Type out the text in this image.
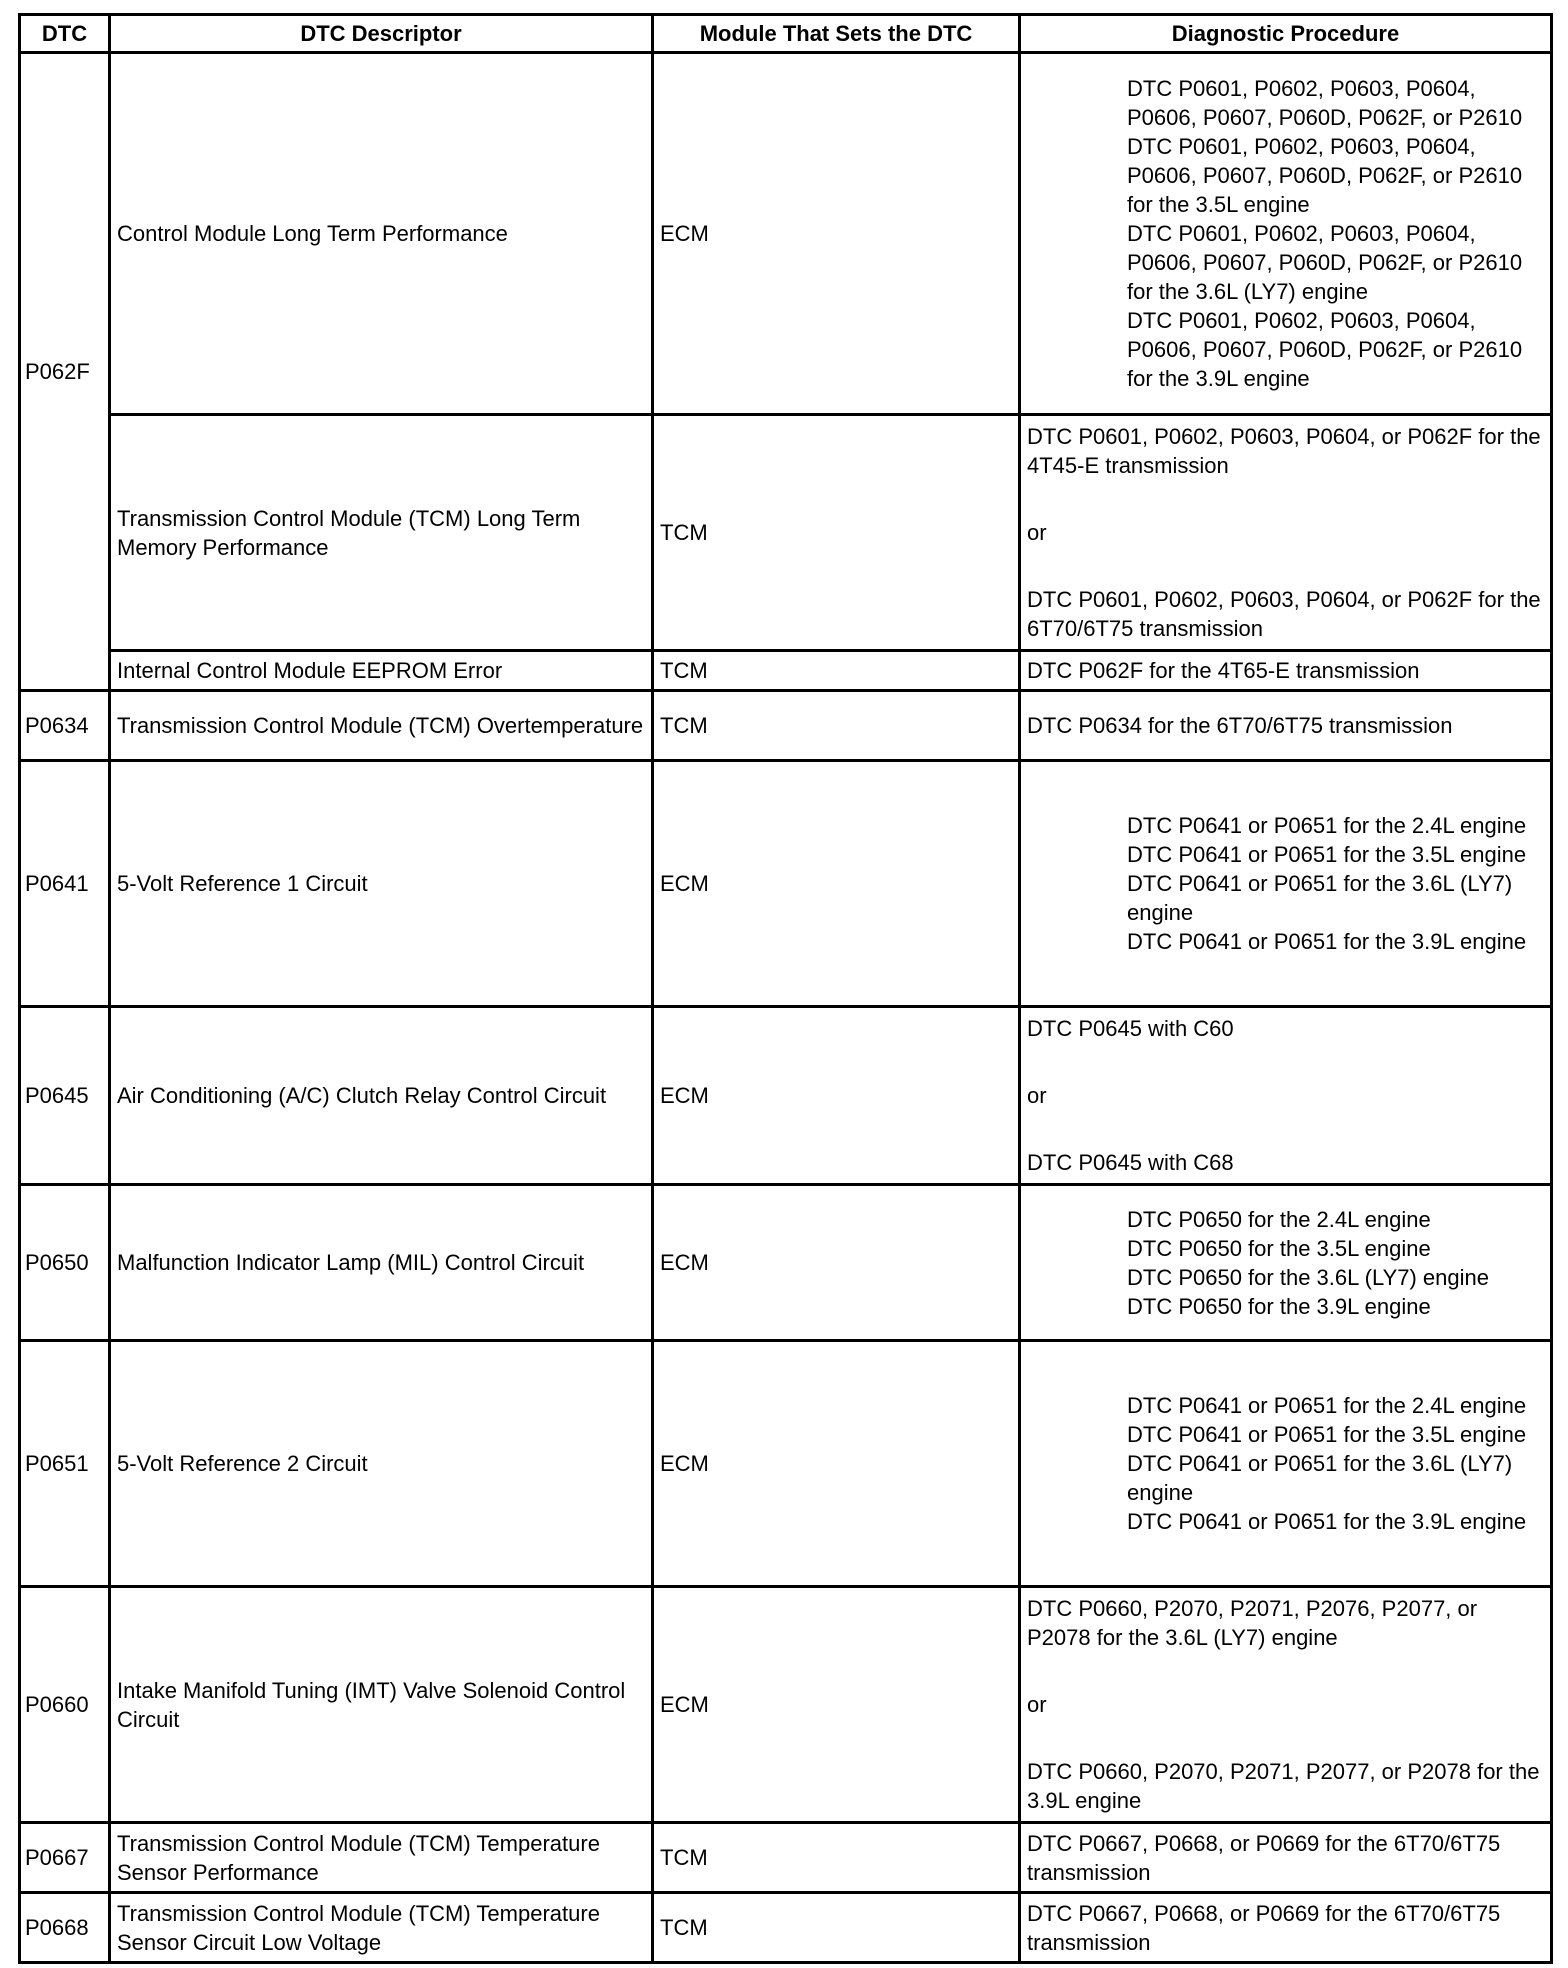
DTC	DTC Descriptor	Module That Sets the DTC	Diagnostic Procedure
P062F	Control Module Long Term Performance	ECM	DTC P0601, P0602, P0603, P0604, P0606, P0607, P060D, P062F, or P2610
DTC P0601, P0602, P0603, P0604, P0606, P0607, P060D, P062F, or P2610 for the 3.5L engine
DTC P0601, P0602, P0603, P0604, P0606, P0607, P060D, P062F, or P2610 for the 3.6L (LY7) engine
DTC P0601, P0602, P0603, P0604, P0606, P0607, P060D, P062F, or P2610 for the 3.9L engine

	Transmission Control Module (TCM) Long Term Memory Performance	TCM	DTC P0601, P0602, P0603, P0604, or P062F for the 4T45-E transmission
or
DTC P0601, P0602, P0603, P0604, or P062F for the 6T70/6T75 transmission

	Internal Control Module EEPROM Error	TCM	DTC P062F for the 4T65-E transmission

P0634	Transmission Control Module (TCM) Overtemperature	TCM	DTC P0634 for the 6T70/6T75 transmission

P0641	5-Volt Reference 1 Circuit	ECM	DTC P0641 or P0651 for the 2.4L engine
DTC P0641 or P0651 for the 3.5L engine
DTC P0641 or P0651 for the 3.6L (LY7) engine
DTC P0641 or P0651 for the 3.9L engine

P0645	Air Conditioning (A/C) Clutch Relay Control Circuit	ECM	DTC P0645 with C60
or
DTC P0645 with C68

P0650	Malfunction Indicator Lamp (MIL) Control Circuit	ECM	DTC P0650 for the 2.4L engine
DTC P0650 for the 3.5L engine
DTC P0650 for the 3.6L (LY7) engine
DTC P0650 for the 3.9L engine

P0651	5-Volt Reference 2 Circuit	ECM	DTC P0641 or P0651 for the 2.4L engine
DTC P0641 or P0651 for the 3.5L engine
DTC P0641 or P0651 for the 3.6L (LY7) engine
DTC P0641 or P0651 for the 3.9L engine

P0660	Intake Manifold Tuning (IMT) Valve Solenoid Control Circuit	ECM	DTC P0660, P2070, P2071, P2076, P2077, or P2078 for the 3.6L (LY7) engine
or
DTC P0660, P2070, P2071, P2077, or P2078 for the 3.9L engine

P0667	Transmission Control Module (TCM) Temperature Sensor Performance	TCM	DTC P0667, P0668, or P0669 for the 6T70/6T75 transmission

P0668	Transmission Control Module (TCM) Temperature Sensor Circuit Low Voltage	TCM	DTC P0667, P0668, or P0669 for the 6T70/6T75 transmission
